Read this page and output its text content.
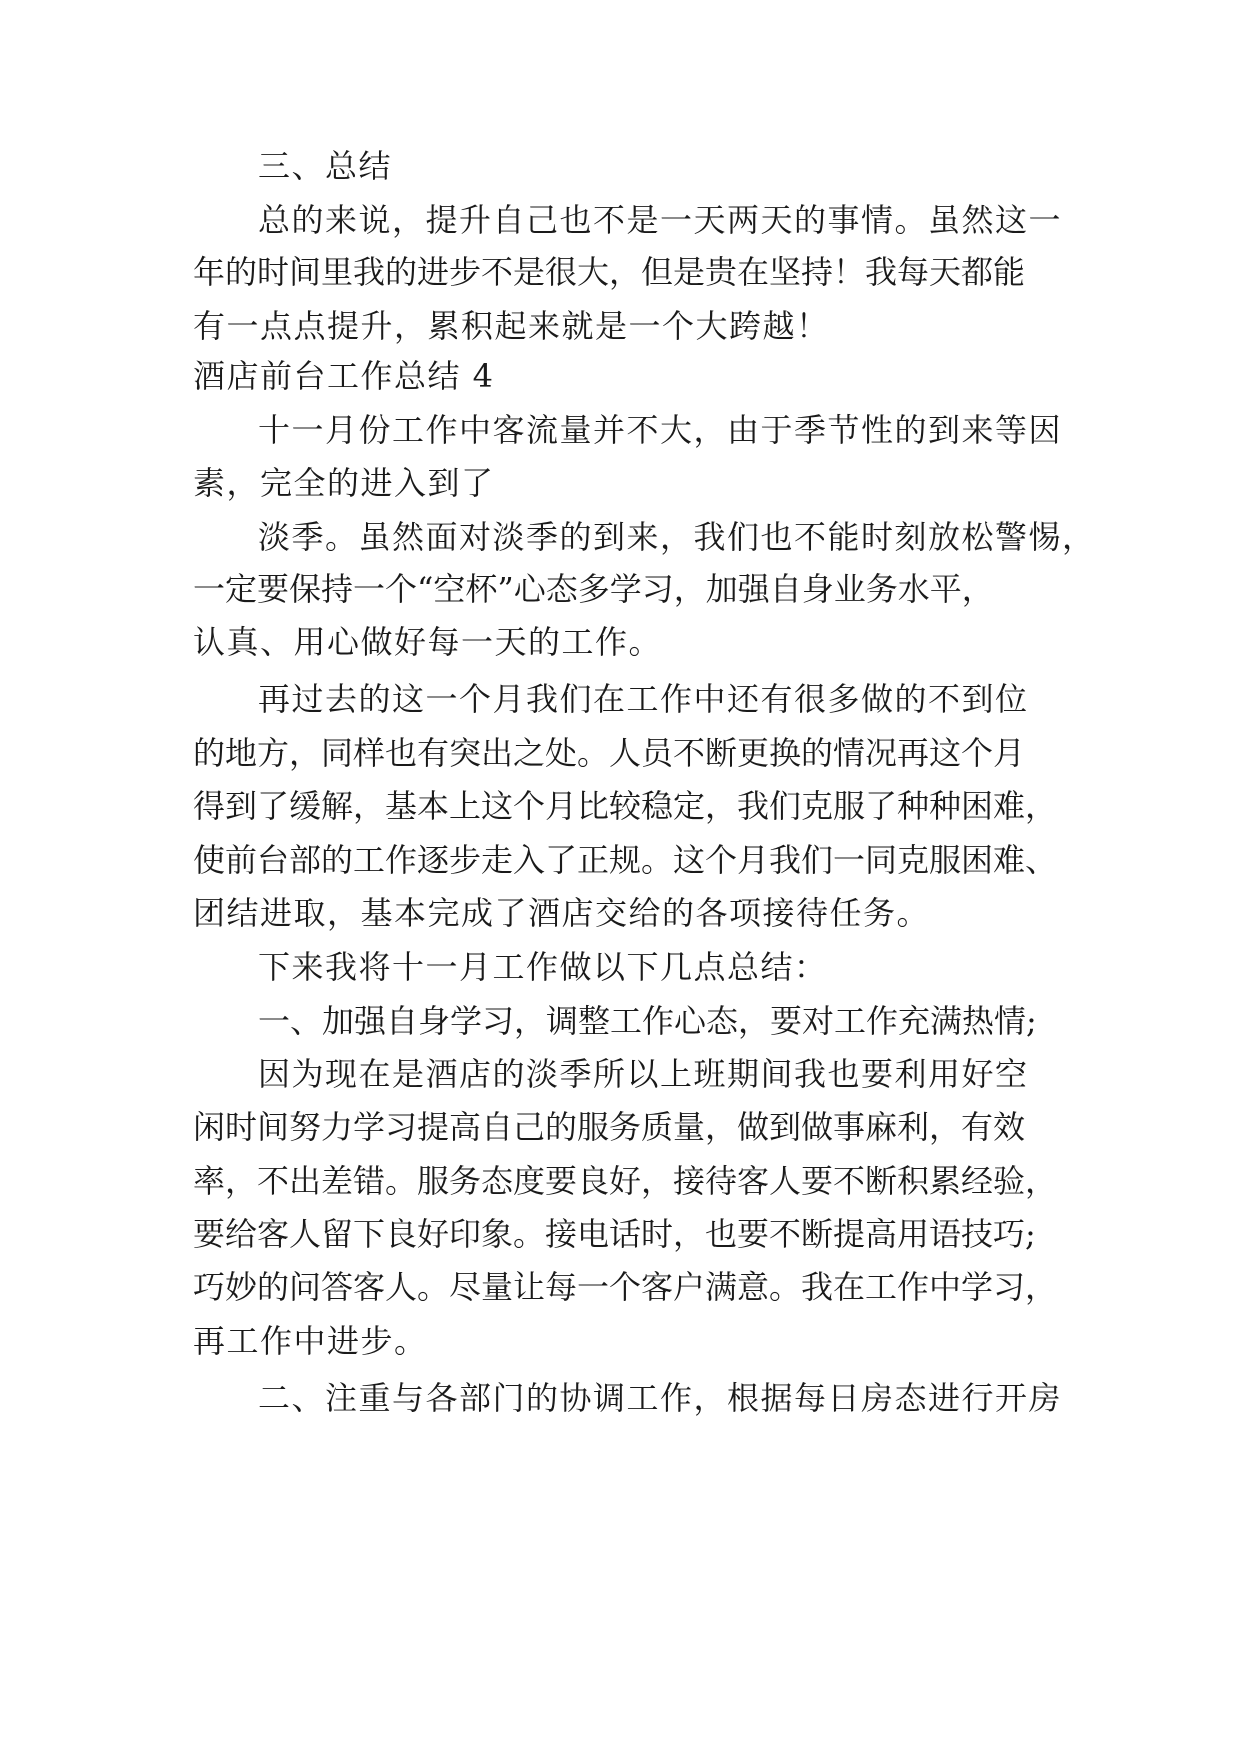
三、总结
总的来说，提升自己也不是一天两天的事情。虽然这一
年的时间里我的进步不是很大，但是贵在坚持！我每天都能
有一点点提升，累积起来就是一个大跨越！
酒店前台工作总结 4
十一月份工作中客流量并不大，由于季节性的到来等因
素，完全的进入到了
淡季。虽然面对淡季的到来，我们也不能时刻放松警惕，
一定要保持一个“空杯”心态多学习，加强自身业务水平，
认真、用心做好每一天的工作。
再过去的这一个月我们在工作中还有很多做的不到位
的地方，同样也有突出之处。人员不断更换的情况再这个月
得到了缓解，基本上这个月比较稳定，我们克服了种种困难，
使前台部的工作逐步走入了正规。这个月我们一同克服困难、
团结进取，基本完成了酒店交给的各项接待任务。
下来我将十一月工作做以下几点总结：
一、加强自身学习，调整工作心态，要对工作充满热情;
因为现在是酒店的淡季所以上班期间我也要利用好空
闲时间努力学习提高自己的服务质量，做到做事麻利，有效
率，不出差错。服务态度要良好，接待客人要不断积累经验，
要给客人留下良好印象。接电话时，也要不断提高用语技巧;
巧妙的问答客人。尽量让每一个客户满意。我在工作中学习，
再工作中进步。
二、注重与各部门的协调工作，根据每日房态进行开房
